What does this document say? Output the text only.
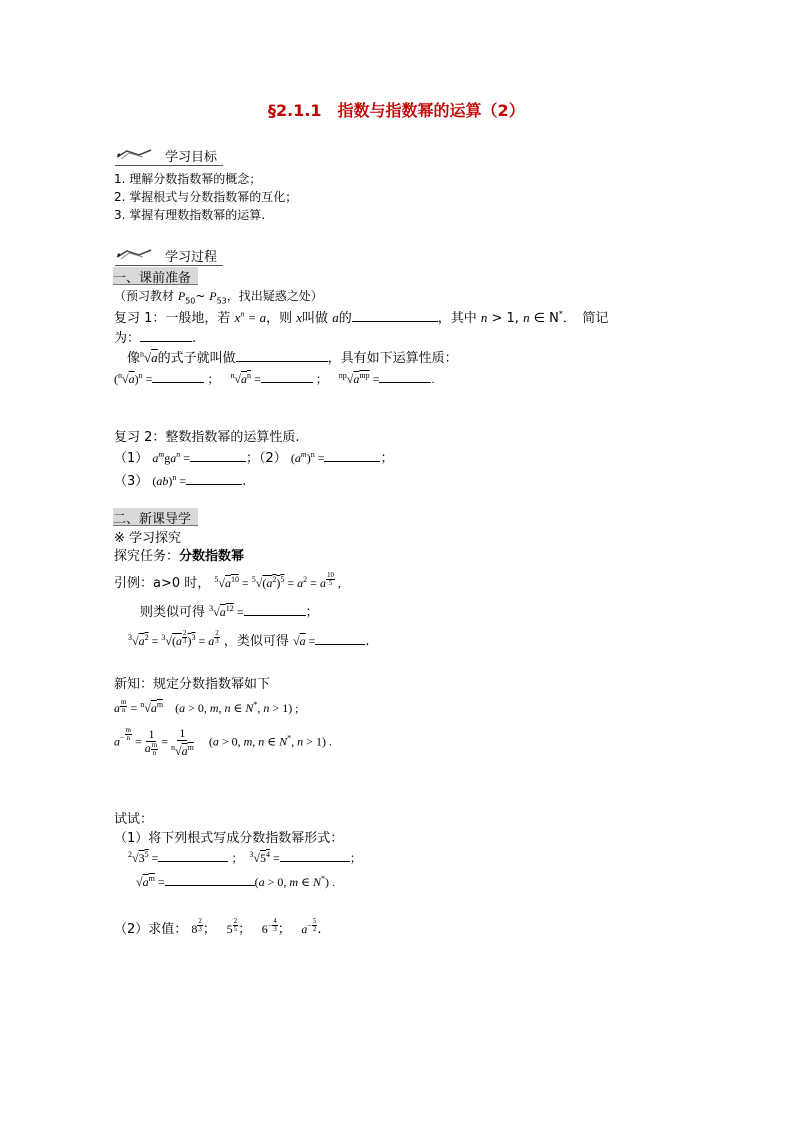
§2.1.1　指数与指数幂的运算（2）
学习目标
1. 理解分数指数幂的概念；
2. 掌握根式与分数指数幂的互化；
3. 掌握有理数指数幂的运算.
学习过程
一、课前准备
（预习教材 $P_{50}\sim$ $P_{53}$，找出疑惑之处）
复习 1：一般地，若 $x^n = a$，则 x叫做 a的	，其中 n > 1, n ∈ N*．　简记
为：	.
像$^n$√a的式子就叫做	，具有如下运算性质：
$(^n√a)^n$ =	； $^n√a^n$ =	； $^{np}√a^{mp}$ =	.
复习 2：整数指数幂的运算性质.
（1） $a^mga^n$ =	；（2） $(a^m)^n$ =	；
（3） (ab)$^n$ =	.
二、新课导学
※ 学习探究
探究任务：分数指数幂
引例：a>0 时， $^5√a^{10} = ^5√(a^2)^5 = a^2 = a \frac{10}{5}$ ,
则类似可得 $^3√a^{12}$ =	；
$^3√a^2 = ^3√(a \frac{2}{3} )^3 = a \frac{2}{3}$ ，类似可得 √a =	.
新知：规定分数指数幂如下
a $\frac{m}{n} = ^n√a^m$　(a > 0, m, n ∈ N*, n > 1) ;
$a^- \frac{m}{n} = \frac{1}{a \frac{m}{n}} = \frac{1}{^n√a^m}$ 　(a > 0, m, n ∈ N*, n > 1) .
试试：
（1）将下列根式写成分数指数幂形式：
$^2√3^5$ =	；　$^3√5^4$ =	；
$√a^m$ =	(a > 0, m ∈ N*) .
（2）求值： $8 \frac{2}{3}$ ；　 $5 \frac{2}{5}$ ；　 $6^- \frac{4}{3}$ ；　 $a^- \frac{5}{2}$ .
